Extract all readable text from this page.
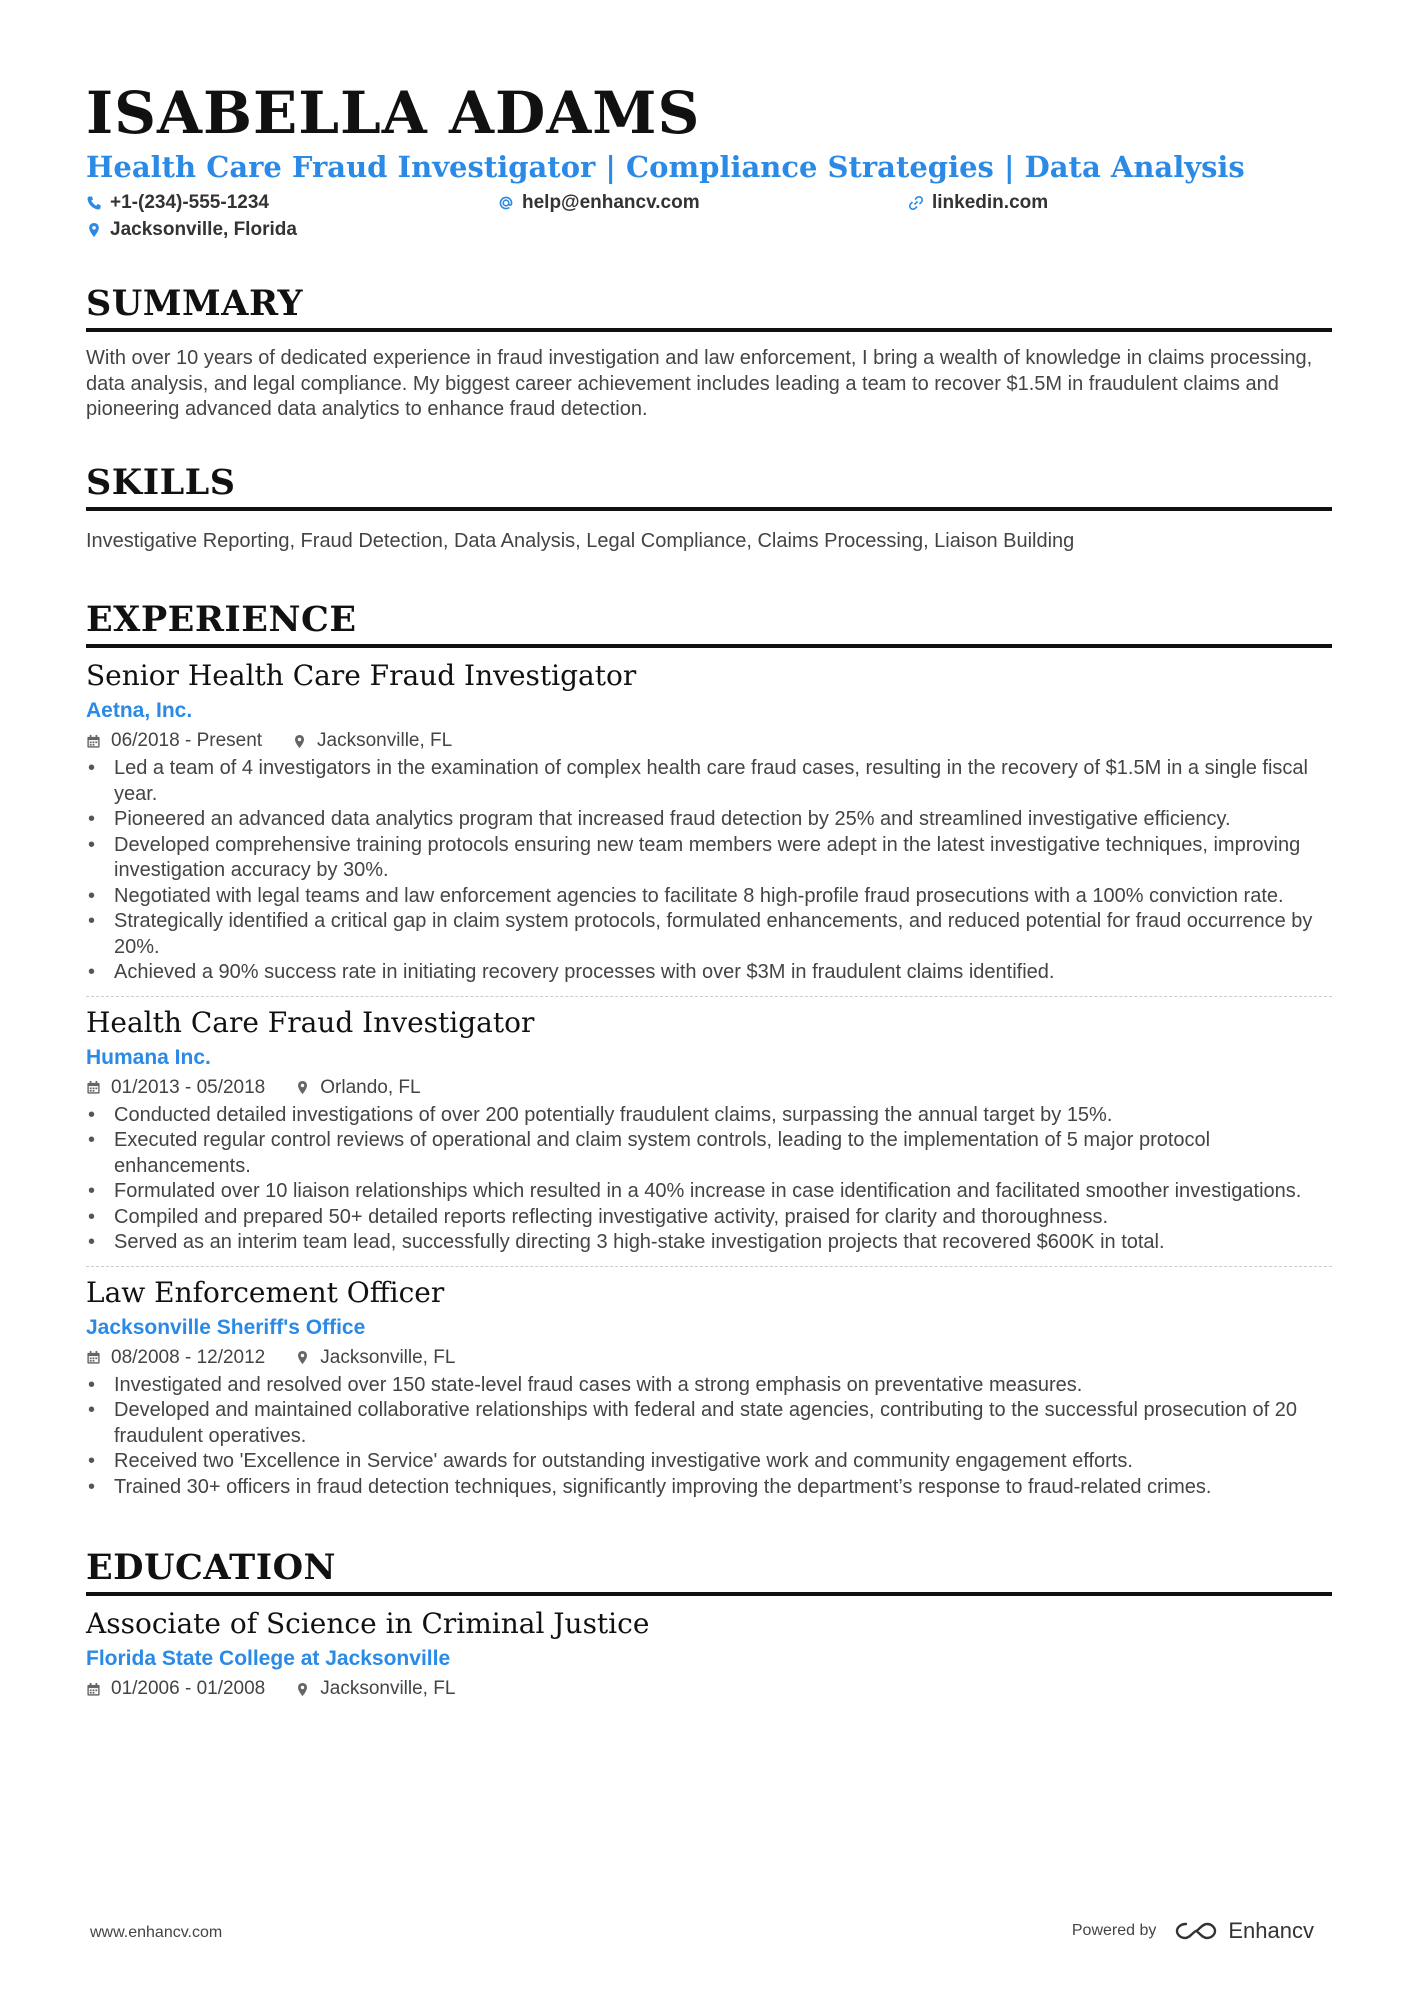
ISABELLA ADAMS
Health Care Fraud Investigator | Compliance Strategies | Data Analysis
+1-(234)-555-1234	help@enhancv.com	linkedin.com
Jacksonville, Florida
SUMMARY
With over 10 years of dedicated experience in fraud investigation and law enforcement, I bring a wealth of knowledge in claims processing, data analysis, and legal compliance. My biggest career achievement includes leading a team to recover $1.5M in fraudulent claims and pioneering advanced data analytics to enhance fraud detection.
SKILLS
Investigative Reporting, Fraud Detection, Data Analysis, Legal Compliance, Claims Processing, Liaison Building
EXPERIENCE
Senior Health Care Fraud Investigator
Aetna, Inc.
06/2018 - Present	Jacksonville, FL
• Led a team of 4 investigators in the examination of complex health care fraud cases, resulting in the recovery of $1.5M in a single fiscal year.
• Pioneered an advanced data analytics program that increased fraud detection by 25% and streamlined investigative efficiency.
• Developed comprehensive training protocols ensuring new team members were adept in the latest investigative techniques, improving investigation accuracy by 30%.
• Negotiated with legal teams and law enforcement agencies to facilitate 8 high-profile fraud prosecutions with a 100% conviction rate.
• Strategically identified a critical gap in claim system protocols, formulated enhancements, and reduced potential for fraud occurrence by 20%.
• Achieved a 90% success rate in initiating recovery processes with over $3M in fraudulent claims identified.
Health Care Fraud Investigator
Humana Inc.
01/2013 - 05/2018	Orlando, FL
• Conducted detailed investigations of over 200 potentially fraudulent claims, surpassing the annual target by 15%.
• Executed regular control reviews of operational and claim system controls, leading to the implementation of 5 major protocol enhancements.
• Formulated over 10 liaison relationships which resulted in a 40% increase in case identification and facilitated smoother investigations.
• Compiled and prepared 50+ detailed reports reflecting investigative activity, praised for clarity and thoroughness.
• Served as an interim team lead, successfully directing 3 high-stake investigation projects that recovered $600K in total.
Law Enforcement Officer
Jacksonville Sheriff's Office
08/2008 - 12/2012	Jacksonville, FL
• Investigated and resolved over 150 state-level fraud cases with a strong emphasis on preventative measures.
• Developed and maintained collaborative relationships with federal and state agencies, contributing to the successful prosecution of 20 fraudulent operatives.
• Received two 'Excellence in Service' awards for outstanding investigative work and community engagement efforts.
• Trained 30+ officers in fraud detection techniques, significantly improving the department’s response to fraud-related crimes.
EDUCATION
Associate of Science in Criminal Justice
Florida State College at Jacksonville
01/2006 - 01/2008	Jacksonville, FL
www.enhancv.com	Powered by	Enhancv
